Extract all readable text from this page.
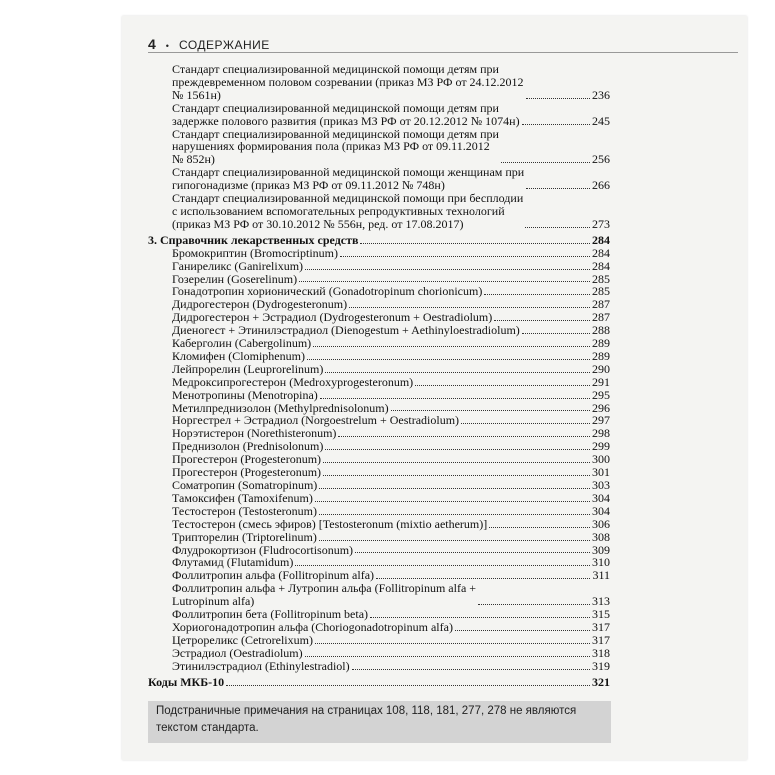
4 • СОДЕРЖАНИЕ
Стандарт специализированной медицинской помощи детям при
преждевременном половом созревании (приказ МЗ РФ от 24.12.2012
№ 1561н)	236
Стандарт специализированной медицинской помощи детям при
задержке полового развития (приказ МЗ РФ от 20.12.2012 № 1074н)	245
Стандарт специализированной медицинской помощи детям при
нарушениях формирования пола (приказ МЗ РФ от 09.11.2012
№ 852н)	256
Стандарт специализированной медицинской помощи женщинам при
гипогонадизме (приказ МЗ РФ от 09.11.2012 № 748н)	266
Стандарт специализированной медицинской помощи при бесплодии
с использованием вспомогательных репродуктивных технологий
(приказ МЗ РФ от 30.10.2012 № 556н, ред. от 17.08.2017)	273
3. Справочник лекарственных средств	284
Бромокриптин (Bromocriptinum)	284
Ганиреликс (Ganirelixum)	284
Гозерелин (Goserelinum)	285
Гонадотропин хорионический (Gonadotropinum chorionicum)	285
Дидрогестерон (Dydrogesteronum)	287
Дидрогестерон + Эстрадиол (Dydrogesteronum + Oestradiolum)	287
Диеногест + Этинилэстрадиол (Dienogestum + Aethinyloestradiolum)	288
Каберголин (Cabergolinum)	289
Кломифен (Clomiphenum)	289
Лейпрорелин (Leuprorelinum)	290
Медроксипрогестерон (Medroxyprogesteronum)	291
Менотропины (Menotropina)	295
Метилпреднизолон (Methylprednisolonum)	296
Норгестрел + Эстрадиол (Norgoestrelum + Oestradiolum)	297
Норэтистерон (Norethisteronum)	298
Преднизолон (Prednisolonum)	299
Прогестерон (Progesteronum)	300
Прогестерон (Progesteronum)	301
Соматропин (Somatropinum)	303
Тамоксифен (Tamoxifenum)	304
Тестостерон (Testosteronum)	304
Тестостерон (смесь эфиров) [Testosteronum (mixtio aetherum)]	306
Трипторелин (Triptorelinum)	308
Флудрокортизон (Fludrocortisonum)	309
Флутамид (Flutamidum)	310
Фоллитропин альфа (Follitropinum alfa)	311
Фоллитропин альфа + Лутропин альфа (Follitropinum alfa +
Lutropinum alfa)	313
Фоллитропин бета (Follitropinum beta)	315
Хориогонадотропин альфа (Choriogonadotropinum alfa)	317
Цетрореликс (Cetrorelixum)	317
Эстрадиол (Oestradiolum)	318
Этинилэстрадиол (Ethinylestradiol)	319
Коды МКБ-10	321
Подстраничные примечания на страницах 108, 118, 181, 277, 278 не являются текстом стандарта.
